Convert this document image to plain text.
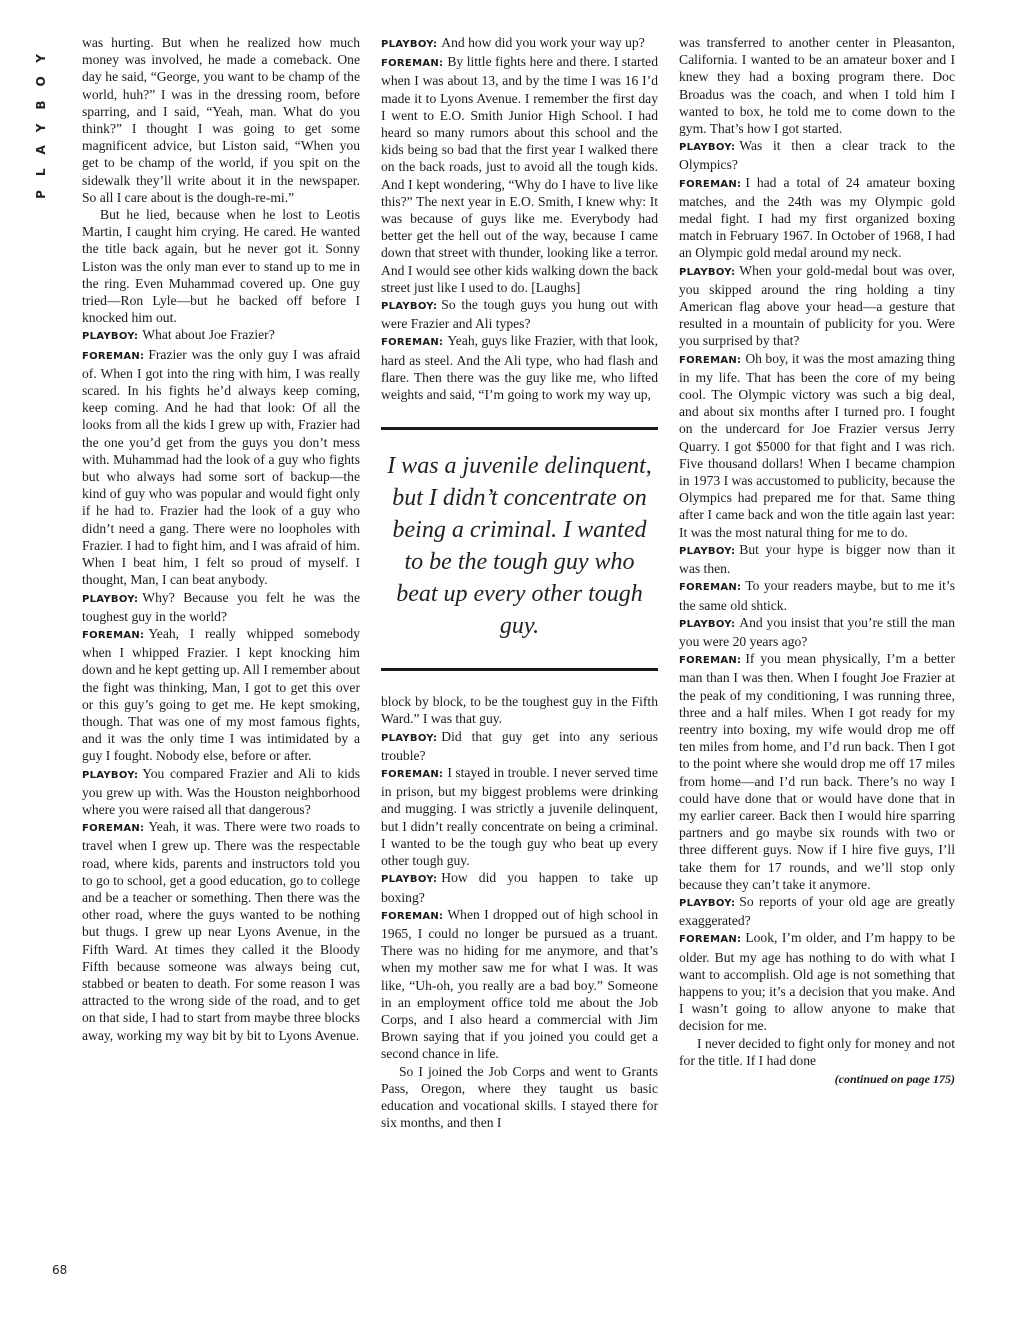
PLAYBOY	was hurting. But when he realized how much money was involved, he made a comeback. One day he said, “George, you want to be champ of the world, huh?” I was in the dressing room, before sparring, and I said, “Yeah, man. What do you think?” I thought I was going to get some magnificent advice, but Liston said, “When you get to be champ of the world, if you spit on the sidewalk they’ll write about it in the newspaper. So all I care about is the dough-re-mi.”

But he lied, because when he lost to Leotis Martin, I caught him crying. He cared. He wanted the title back again, but he never got it. Sonny Liston was the only man ever to stand up to me in the ring. Even Muhammad covered up. One guy tried—Ron Lyle—but he backed off before I knocked him out.

PLAYBOY: What about Joe Frazier?

FOREMAN: Frazier was the only guy I was afraid of. When I got into the ring with him, I was really scared. In his fights he’d always keep coming, keep coming. And he had that look: Of all the looks from all the kids I grew up with, Frazier had the one you’d get from the guys you don’t mess with. Muhammad had the look of a guy who fights but who always had some sort of backup—the kind of guy who was popular and would fight only if he had to. Frazier had the look of a guy who didn’t need a gang. There were no loopholes with Frazier. I had to fight him, and I was afraid of him. When I beat him, I felt so proud of myself. I thought, Man, I can beat anybody.

PLAYBOY: Why? Because you felt he was the toughest guy in the world?

FOREMAN: Yeah, I really whipped somebody when I whipped Frazier. I kept knocking him down and he kept getting up. All I remember about the fight was thinking, Man, I got to get this over or this guy’s going to get me. He kept smoking, though. That was one of my most famous fights, and it was the only time I was intimidated by a guy I fought. Nobody else, before or after.

PLAYBOY: You compared Frazier and Ali to kids you grew up with. Was the Houston neighborhood where you were raised all that dangerous?

FOREMAN: Yeah, it was. There were two roads to travel when I grew up. There was the respectable road, where kids, parents and instructors told you to go to school, get a good education, go to college and be a teacher or something. Then there was the other road, where the guys wanted to be nothing but thugs. I grew up near Lyons Avenue, in the Fifth Ward. At times they called it the Bloody Fifth because someone was always being cut, stabbed or beaten to death. For some reason I was attracted to the wrong side of the road, and to get on that side, I had to start from maybe three blocks away, working my way bit by bit to Lyons Avenue.

PLAYBOY: And how did you work your way up?

FOREMAN: By little fights here and there. I started when I was about 13, and by the time I was 16 I’d made it to Lyons Avenue. I remember the first day I went to E.O. Smith Junior High School. I had heard so many rumors about this school and the kids being so bad that the first year I walked there on the back roads, just to avoid all the tough kids. And I kept wondering, “Why do I have to live like this?” The next year in E.O. Smith, I knew why: It was because of guys like me. Everybody had better get the hell out of the way, because I came down that street with thunder, looking like a terror. And I would see other kids walking down the back street just like I used to do. [Laughs]

PLAYBOY: So the tough guys you hung out with were Frazier and Ali types?

FOREMAN: Yeah, guys like Frazier, with that look, hard as steel. And the Ali type, who had flash and flare. Then there was the guy like me, who lifted weights and said, “I’m going to work my way up,

I was a juvenile delinquent, but I didn’t concentrate on being a criminal. I wanted to be the tough guy who beat up every other tough guy.

block by block, to be the toughest guy in the Fifth Ward.” I was that guy.

PLAYBOY: Did that guy get into any serious trouble?

FOREMAN: I stayed in trouble. I never served time in prison, but my biggest problems were drinking and mugging. I was strictly a juvenile delinquent, but I didn’t really concentrate on being a criminal. I wanted to be the tough guy who beat up every other tough guy.

PLAYBOY: How did you happen to take up boxing?

FOREMAN: When I dropped out of high school in 1965, I could no longer be pursued as a truant. There was no hiding for me anymore, and that’s when my mother saw me for what I was. It was like, “Uh-oh, you really are a bad boy.” Someone in an employment office told me about the Job Corps, and I also heard a commercial with Jim Brown saying that if you joined you could get a second chance in life.

So I joined the Job Corps and went to Grants Pass, Oregon, where they taught us basic education and vocational skills. I stayed there for six months, and then I

was transferred to another center in Pleasanton, California. I wanted to be an amateur boxer and I knew they had a boxing program there. Doc Broadus was the coach, and when I told him I wanted to box, he told me to come down to the gym. That’s how I got started.

PLAYBOY: Was it then a clear track to the Olympics?

FOREMAN: I had a total of 24 amateur boxing matches, and the 24th was my Olympic gold medal fight. I had my first organized boxing match in February 1967. In October of 1968, I had an Olympic gold medal around my neck.

PLAYBOY: When your gold-medal bout was over, you skipped around the ring holding a tiny American flag above your head—a gesture that resulted in a mountain of publicity for you. Were you surprised by that?

FOREMAN: Oh boy, it was the most amazing thing in my life. That has been the core of my being cool. The Olympic victory was such a big deal, and about six months after I turned pro. I fought on the undercard for Joe Frazier versus Jerry Quarry. I got $5000 for that fight and I was rich. Five thousand dollars! When I became champion in 1973 I was accustomed to publicity, because the Olympics had prepared me for that. Same thing after I came back and won the title again last year: It was the most natural thing for me to do.

PLAYBOY: But your hype is bigger now than it was then.

FOREMAN: To your readers maybe, but to me it’s the same old shtick.

PLAYBOY: And you insist that you’re still the man you were 20 years ago?

FOREMAN: If you mean physically, I’m a better man than I was then. When I fought Joe Frazier at the peak of my conditioning, I was running three, three and a half miles. When I got ready for my reentry into boxing, my wife would drop me off ten miles from home, and I’d run back. Then I got to the point where she would drop me off 17 miles from home—and I’d run back. There’s no way I could have done that or would have done that in my earlier career. Back then I would hire sparring partners and go maybe six rounds with two or three different guys. Now if I hire five guys, I’ll take them for 17 rounds, and we’ll stop only because they can’t take it anymore.

PLAYBOY: So reports of your old age are greatly exaggerated?

FOREMAN: Look, I’m older, and I’m happy to be older. But my age has nothing to do with what I want to accomplish. Old age is not something that happens to you; it’s a decision that you make. And I wasn’t going to allow anyone to make that decision for me.

I never decided to fight only for money and not for the title. If I had done

(continued on page 175)
68
